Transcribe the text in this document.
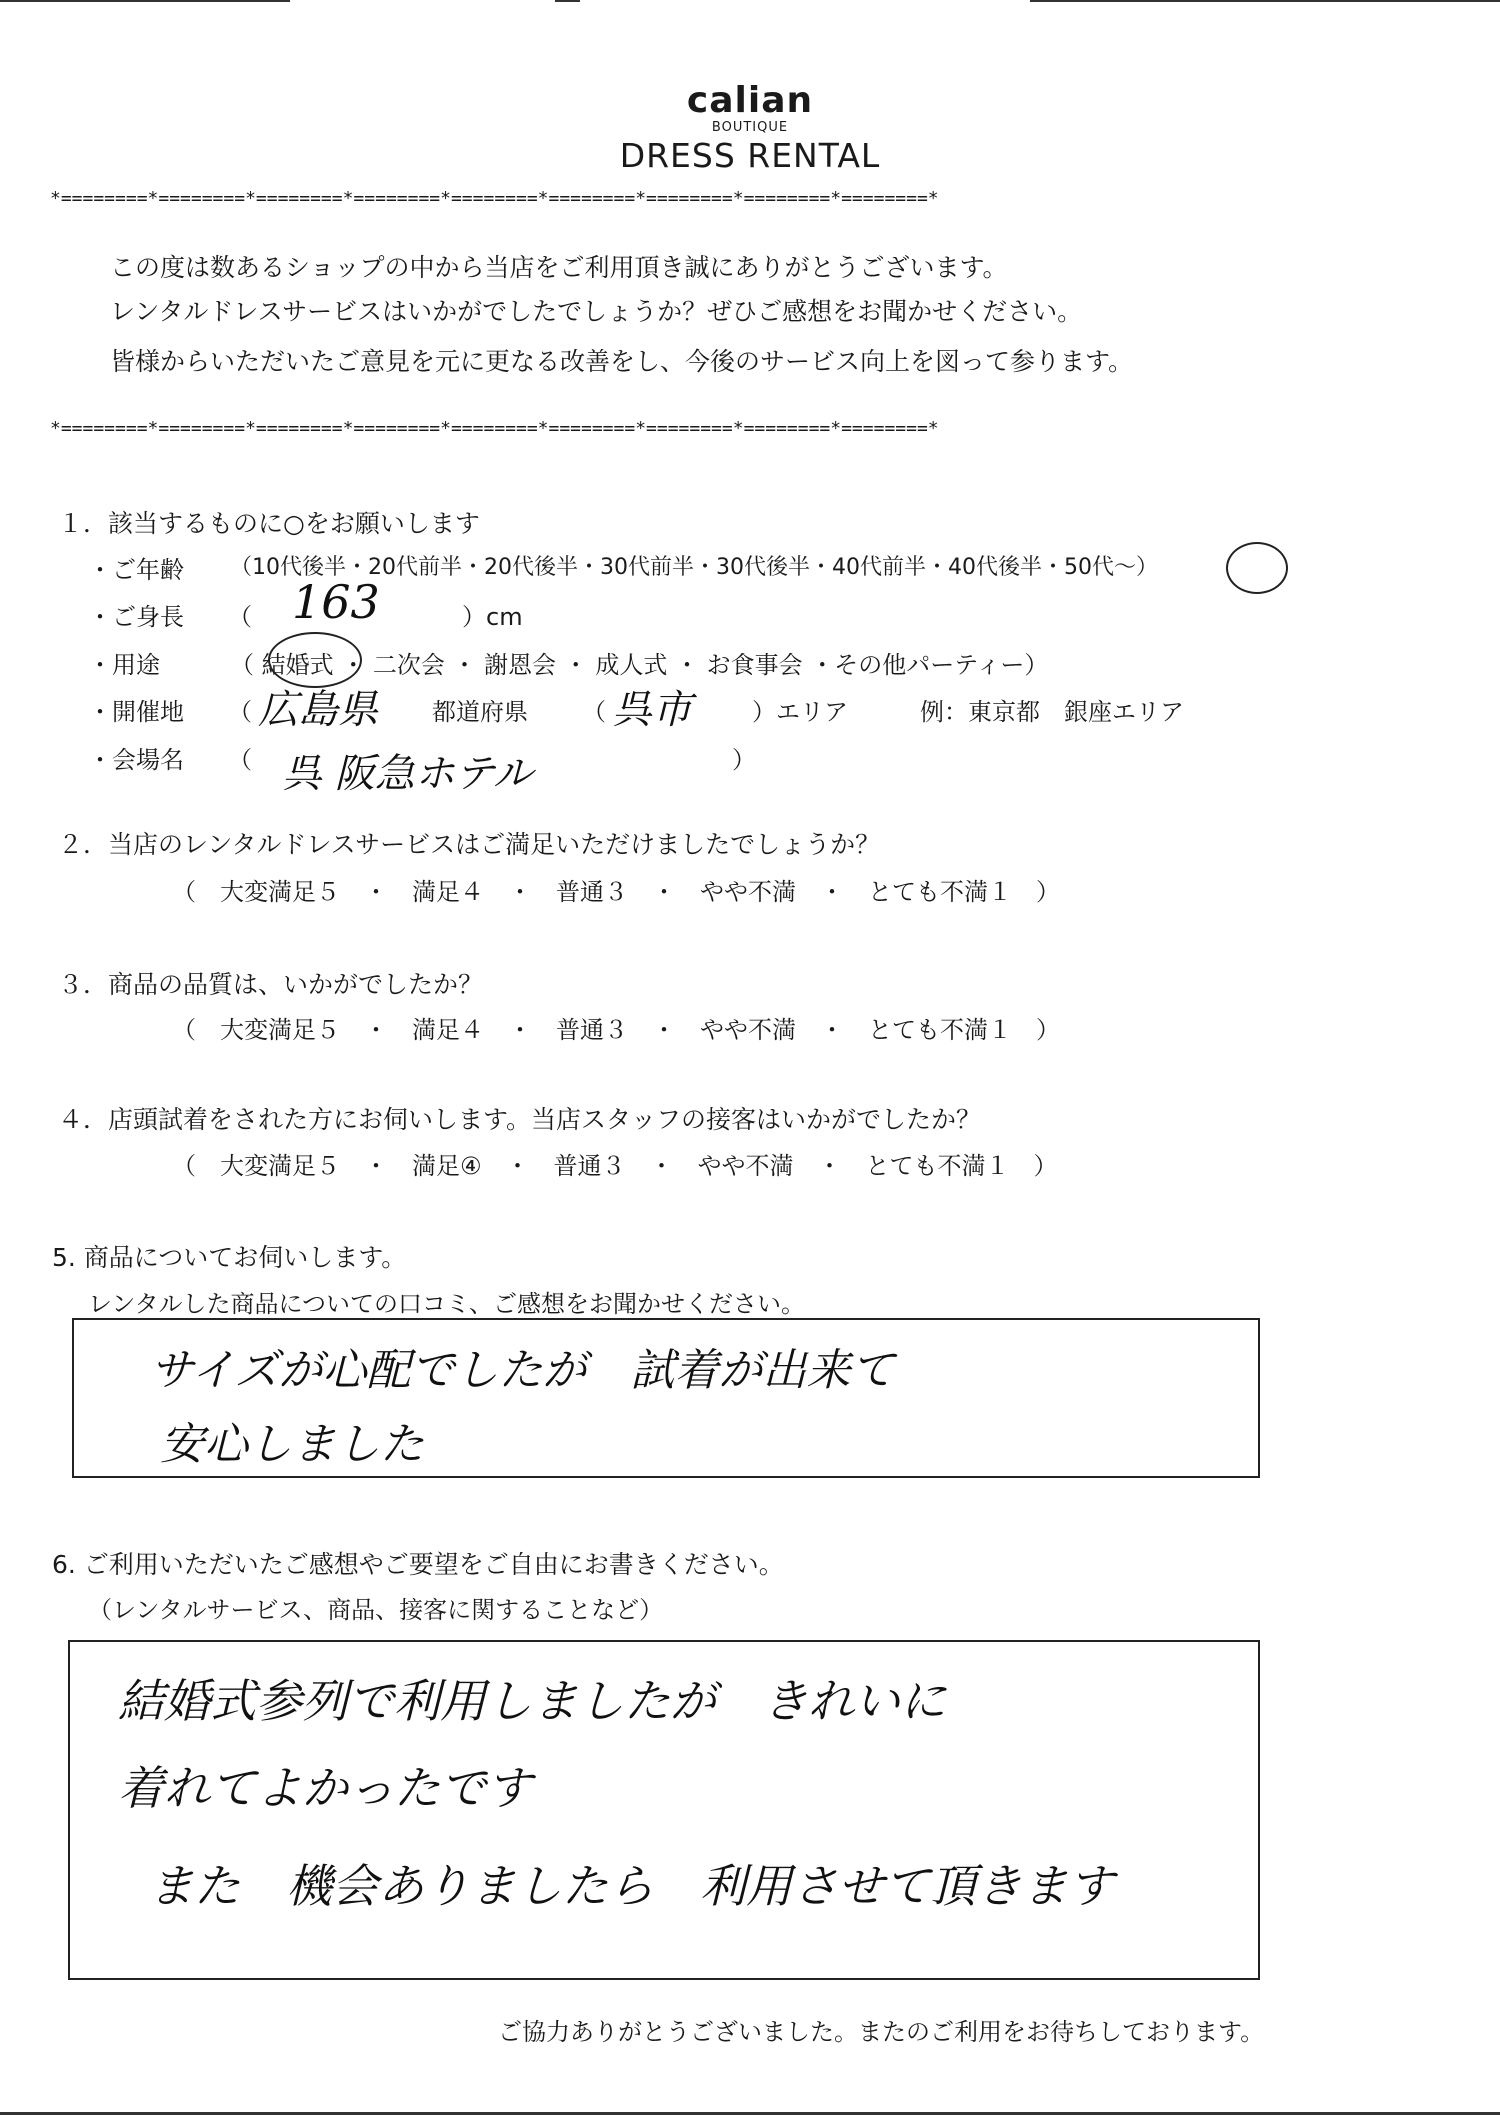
calian
BOUTIQUE
DRESS RENTAL
*========*========*========*========*========*========*========*========*========*
この度は数あるショップの中から当店をご利用頂き誠にありがとうございます。
レンタルドレスサービスはいかがでしたでしょうか？ぜひご感想をお聞かせください。
皆様からいただいたご意見を元に更なる改善をし、今後のサービス向上を図って参ります。
*========*========*========*========*========*========*========*========*========*
１．該当するものに○をお願いします
・ご年齢 （10代後半・20代前半・20代後半・30代前半・30代後半・40代前半・40代後半・50代～）
・ご身長 （ 163	）cm
・用途	（ 結婚式 ・ 二次会 ・ 謝恩会 ・ 成人式 ・ お食事会 ・その他パーティー）
・開催地 （ 広島県 都道府県 （ 呉市	）エリア	例：東京都　銀座エリア
・会場名 （ 呉 阪急ホテル	）
２．当店のレンタルドレスサービスはご満足いただけましたでしょうか？
（　大変満足５　・　満足４　・　普通３　・　やや不満　・　とても不満１　）
３．商品の品質は、いかがでしたか？
（　大変満足５　・　満足４　・　普通３　・　やや不満　・　とても不満１　）
４．店頭試着をされた方にお伺いします。当店スタッフの接客はいかがでしたか？
（　大変満足５　・　満足④　・　普通３　・　やや不満　・　とても不満１　）
5. 商品についてお伺いします。
レンタルした商品についての口コミ、ご感想をお聞かせください。
サイズが心配でしたが　試着が出来て
安心しました
6. ご利用いただいたご感想やご要望をご自由にお書きください。
（レンタルサービス、商品、接客に関することなど）
結婚式参列で利用しましたが　きれいに
着れてよかったです
また　機会ありましたら　利用させて頂きます
ご協力ありがとうございました。またのご利用をお待ちしております。
